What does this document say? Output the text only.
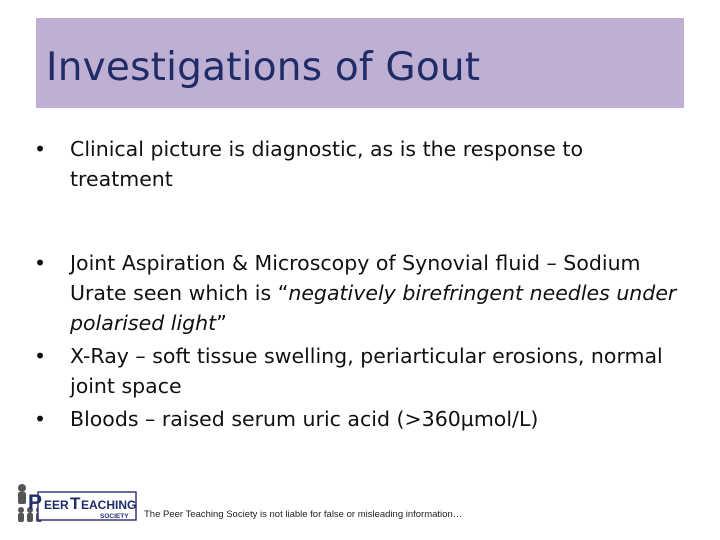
Investigations of Gout
•	Clinical picture is diagnostic, as is the response to treatment
•	Joint Aspiration & Microscopy of Synovial fluid – Sodium Urate seen which is “negatively birefringent needles under polarised light”
•	X-Ray – soft tissue swelling, periarticular erosions, normal joint space
•	Bloods – raised serum uric acid (>360µmol/L)
P EER T EACHING
SOCIETY The Peer Teaching Society is not liable for false or misleading information…
